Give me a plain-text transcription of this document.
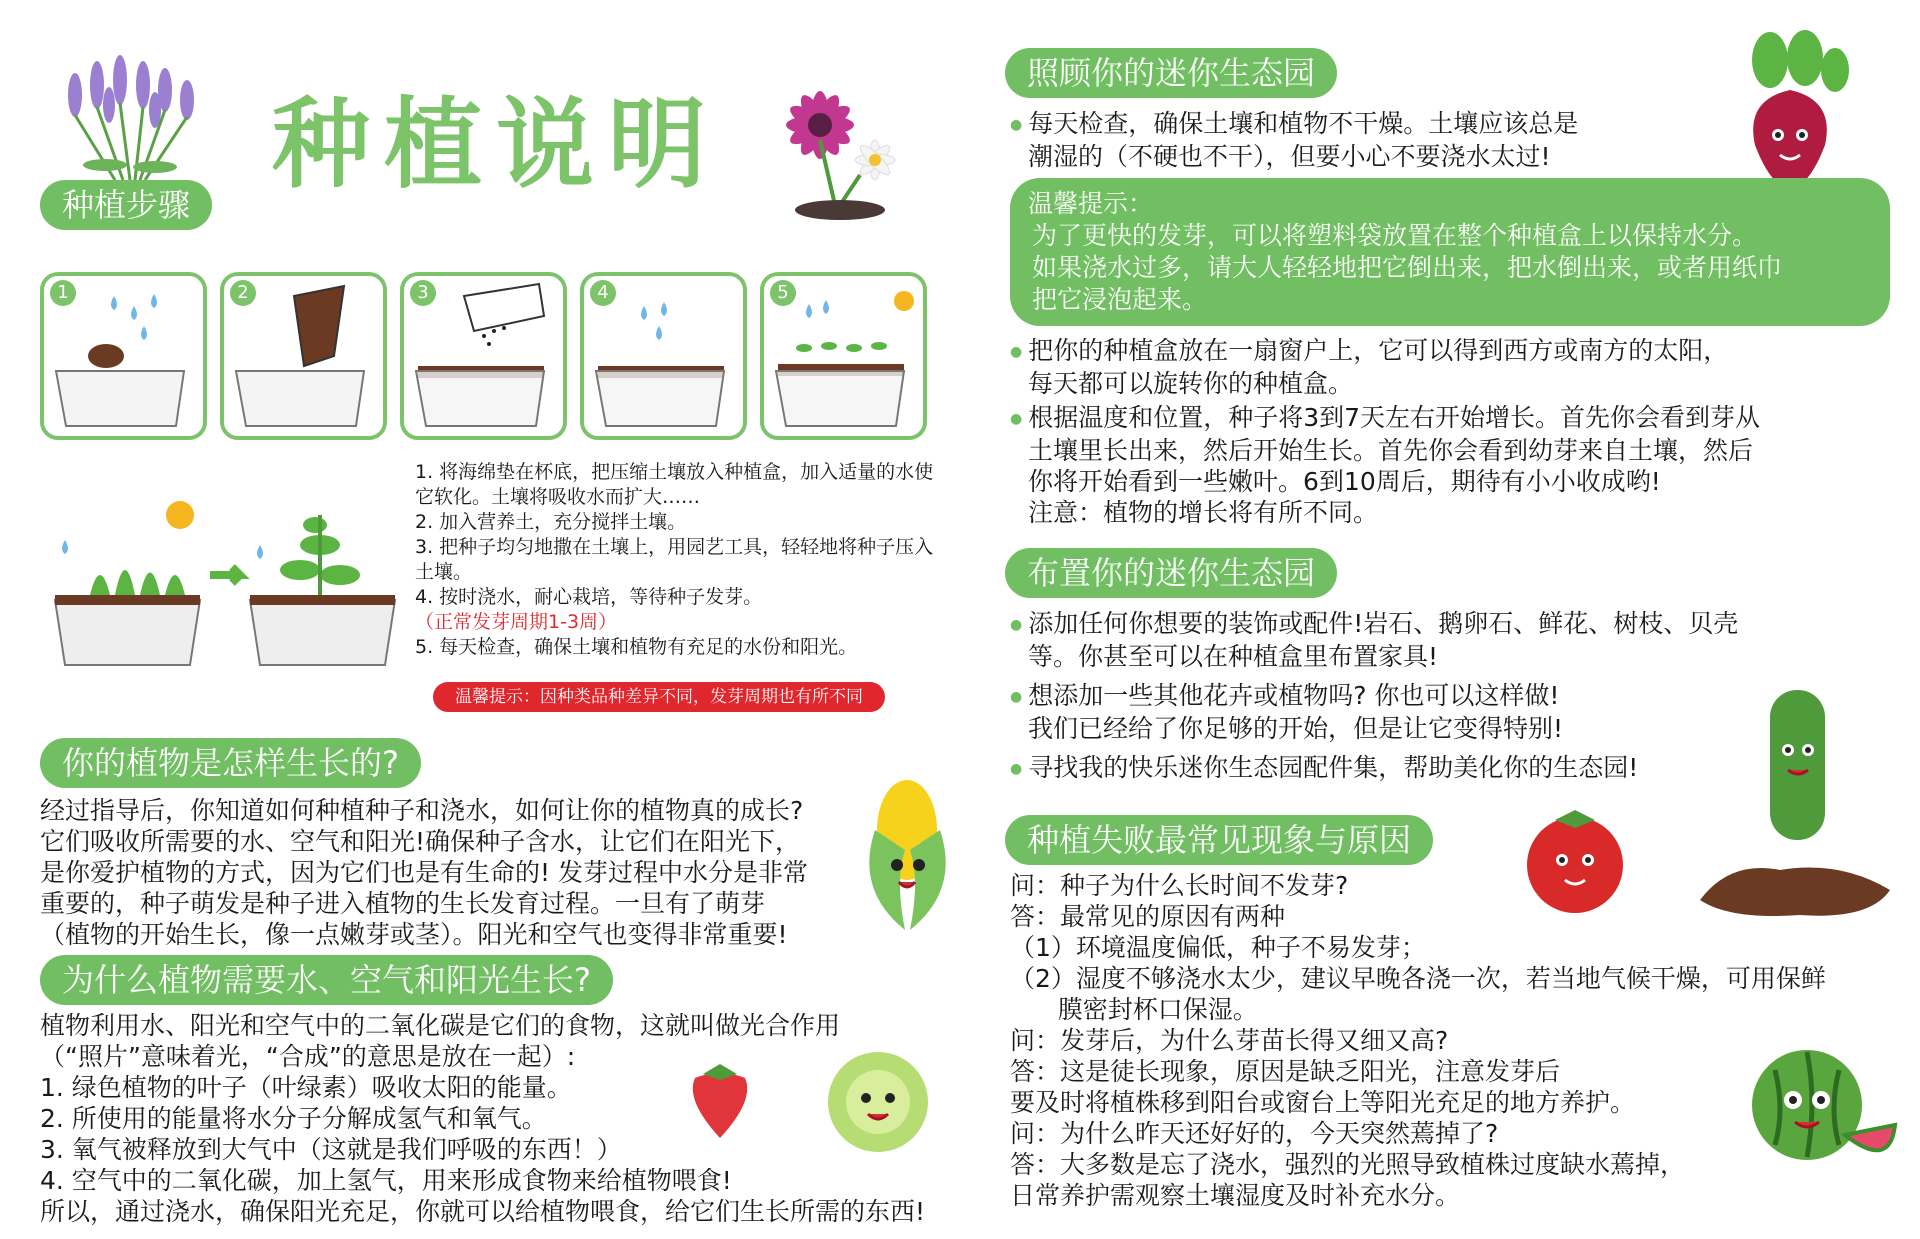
种植说明
种植步骤
1	2	3	4	5

1. 将海绵垫在杯底，把压缩土壤放入种植盒，加入适量的水使它软化。土壤将吸收水而扩大……

2. 加入营养土，充分搅拌土壤。

3. 把种子均匀地撒在土壤上，用园艺工具，轻轻地将种子压入土壤。

4. 按时浇水，耐心栽培，等待种子发芽。

（正常发芽周期1-3周）

5. 每天检查，确保土壤和植物有充足的水份和阳光。

温馨提示：因种类品种差异不同，发芽周期也有所不同
你的植物是怎样生长的?

经过指导后，你知道如何种植种子和浇水，如何让你的植物真的成长?

它们吸收所需要的水、空气和阳光!确保种子含水，让它们在阳光下，

是你爱护植物的方式，因为它们也是有生命的! 发芽过程中水分是非常

重要的，种子萌发是种子进入植物的生长发育过程。一旦有了萌芽

（植物的开始生长，像一点嫩芽或茎）。阳光和空气也变得非常重要!

为什么植物需要水、空气和阳光生长?

植物利用水、阳光和空气中的二氧化碳是它们的食物，这就叫做光合作用

（“照片”意味着光，“合成”的意思是放在一起）:

1. 绿色植物的叶子（叶绿素）吸收太阳的能量。

2. 所使用的能量将水分子分解成氢气和氧气。

3. 氧气被释放到大气中（这就是我们呼吸的东西！）

4. 空气中的二氧化碳，加上氢气，用来形成食物来给植物喂食!

所以，通过浇水，确保阳光充足，你就可以给植物喂食，给它们生长所需的东西!

照顾你的迷你生态园

● 每天检查，确保土壤和植物不干燥。土壤应该总是

潮湿的（不硬也不干），但要小心不要浇水太过!

温馨提示：

为了更快的发芽，可以将塑料袋放置在整个种植盒上以保持水分。

如果浇水过多，请大人轻轻地把它倒出来，把水倒出来，或者用纸巾

把它浸泡起来。

● 把你的种植盒放在一扇窗户上，它可以得到西方或南方的太阳，

每天都可以旋转你的种植盒。

● 根据温度和位置，种子将3到7天左右开始增长。首先你会看到芽从

土壤里长出来，然后开始生长。首先你会看到幼芽来自土壤，然后

你将开始看到一些嫩叶。6到10周后，期待有小小收成哟!

注意：植物的增长将有所不同。

布置你的迷你生态园

● 添加任何你想要的装饰或配件!岩石、鹅卵石、鲜花、树枝、贝壳

等。你甚至可以在种植盒里布置家具!

● 想添加一些其他花卉或植物吗? 你也可以这样做!

我们已经给了你足够的开始，但是让它变得特别!

● 寻找我的快乐迷你生态园配件集，帮助美化你的生态园!

种植失败最常见现象与原因

问：种子为什么长时间不发芽?

答：最常见的原因有两种

（1）环境温度偏低，种子不易发芽；

（2）湿度不够浇水太少，建议早晚各浇一次，若当地气候干燥，可用保鲜

膜密封杯口保湿。

问：发芽后，为什么芽苗长得又细又高?

答：这是徒长现象，原因是缺乏阳光，注意发芽后

要及时将植株移到阳台或窗台上等阳光充足的地方养护。

问：为什么昨天还好好的，今天突然蔫掉了?

答：大多数是忘了浇水，强烈的光照导致植株过度缺水蔫掉，

日常养护需观察土壤湿度及时补充水分。
